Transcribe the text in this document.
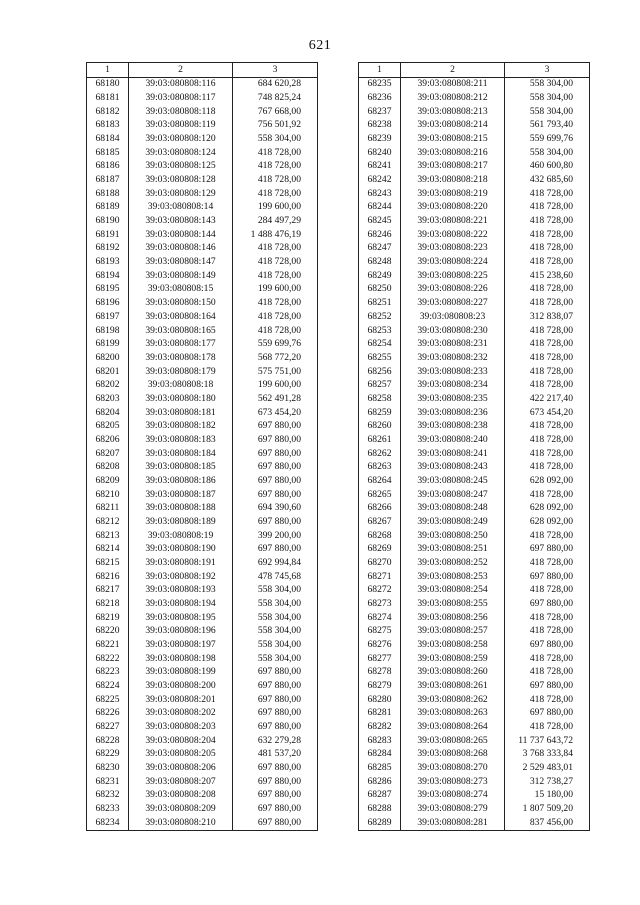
621
1	2	3
68180	39:03:080808:116	684 620,28
68181	39:03:080808:117	748 825,24
68182	39:03:080808:118	767 668,00
68183	39:03:080808:119	756 501,92
68184	39:03:080808:120	558 304,00
68185	39:03:080808:124	418 728,00
68186	39:03:080808:125	418 728,00
68187	39:03:080808:128	418 728,00
68188	39:03:080808:129	418 728,00
68189	39:03:080808:14	199 600,00
68190	39:03:080808:143	284 497,29
68191	39:03:080808:144	1 488 476,19
68192	39:03:080808:146	418 728,00
68193	39:03:080808:147	418 728,00
68194	39:03:080808:149	418 728,00
68195	39:03:080808:15	199 600,00
68196	39:03:080808:150	418 728,00
68197	39:03:080808:164	418 728,00
68198	39:03:080808:165	418 728,00
68199	39:03:080808:177	559 699,76
68200	39:03:080808:178	568 772,20
68201	39:03:080808:179	575 751,00
68202	39:03:080808:18	199 600,00
68203	39:03:080808:180	562 491,28
68204	39:03:080808:181	673 454,20
68205	39:03:080808:182	697 880,00
68206	39:03:080808:183	697 880,00
68207	39:03:080808:184	697 880,00
68208	39:03:080808:185	697 880,00
68209	39:03:080808:186	697 880,00
68210	39:03:080808:187	697 880,00
68211	39:03:080808:188	694 390,60
68212	39:03:080808:189	697 880,00
68213	39:03:080808:19	399 200,00
68214	39:03:080808:190	697 880,00
68215	39:03:080808:191	692 994,84
68216	39:03:080808:192	478 745,68
68217	39:03:080808:193	558 304,00
68218	39:03:080808:194	558 304,00
68219	39:03:080808:195	558 304,00
68220	39:03:080808:196	558 304,00
68221	39:03:080808:197	558 304,00
68222	39:03:080808:198	558 304,00
68223	39:03:080808:199	697 880,00
68224	39:03:080808:200	697 880,00
68225	39:03:080808:201	697 880,00
68226	39:03:080808:202	697 880,00
68227	39:03:080808:203	697 880,00
68228	39:03:080808:204	632 279,28
68229	39:03:080808:205	481 537,20
68230	39:03:080808:206	697 880,00
68231	39:03:080808:207	697 880,00
68232	39:03:080808:208	697 880,00
68233	39:03:080808:209	697 880,00
68234	39:03:080808:210	697 880,00
1	2	3
68235	39:03:080808:211	558 304,00
68236	39:03:080808:212	558 304,00
68237	39:03:080808:213	558 304,00
68238	39:03:080808:214	561 793,40
68239	39:03:080808:215	559 699,76
68240	39:03:080808:216	558 304,00
68241	39:03:080808:217	460 600,80
68242	39:03:080808:218	432 685,60
68243	39:03:080808:219	418 728,00
68244	39:03:080808:220	418 728,00
68245	39:03:080808:221	418 728,00
68246	39:03:080808:222	418 728,00
68247	39:03:080808:223	418 728,00
68248	39:03:080808:224	418 728,00
68249	39:03:080808:225	415 238,60
68250	39:03:080808:226	418 728,00
68251	39:03:080808:227	418 728,00
68252	39:03:080808:23	312 838,07
68253	39:03:080808:230	418 728,00
68254	39:03:080808:231	418 728,00
68255	39:03:080808:232	418 728,00
68256	39:03:080808:233	418 728,00
68257	39:03:080808:234	418 728,00
68258	39:03:080808:235	422 217,40
68259	39:03:080808:236	673 454,20
68260	39:03:080808:238	418 728,00
68261	39:03:080808:240	418 728,00
68262	39:03:080808:241	418 728,00
68263	39:03:080808:243	418 728,00
68264	39:03:080808:245	628 092,00
68265	39:03:080808:247	418 728,00
68266	39:03:080808:248	628 092,00
68267	39:03:080808:249	628 092,00
68268	39:03:080808:250	418 728,00
68269	39:03:080808:251	697 880,00
68270	39:03:080808:252	418 728,00
68271	39:03:080808:253	697 880,00
68272	39:03:080808:254	418 728,00
68273	39:03:080808:255	697 880,00
68274	39:03:080808:256	418 728,00
68275	39:03:080808:257	418 728,00
68276	39:03:080808:258	697 880,00
68277	39:03:080808:259	418 728,00
68278	39:03:080808:260	418 728,00
68279	39:03:080808:261	697 880,00
68280	39:03:080808:262	418 728,00
68281	39:03:080808:263	697 880,00
68282	39:03:080808:264	418 728,00
68283	39:03:080808:265	11 737 643,72
68284	39:03:080808:268	3 768 333,84
68285	39:03:080808:270	2 529 483,01
68286	39:03:080808:273	312 738,27
68287	39:03:080808:274	15 180,00
68288	39:03:080808:279	1 807 509,20
68289	39:03:080808:281	837 456,00
